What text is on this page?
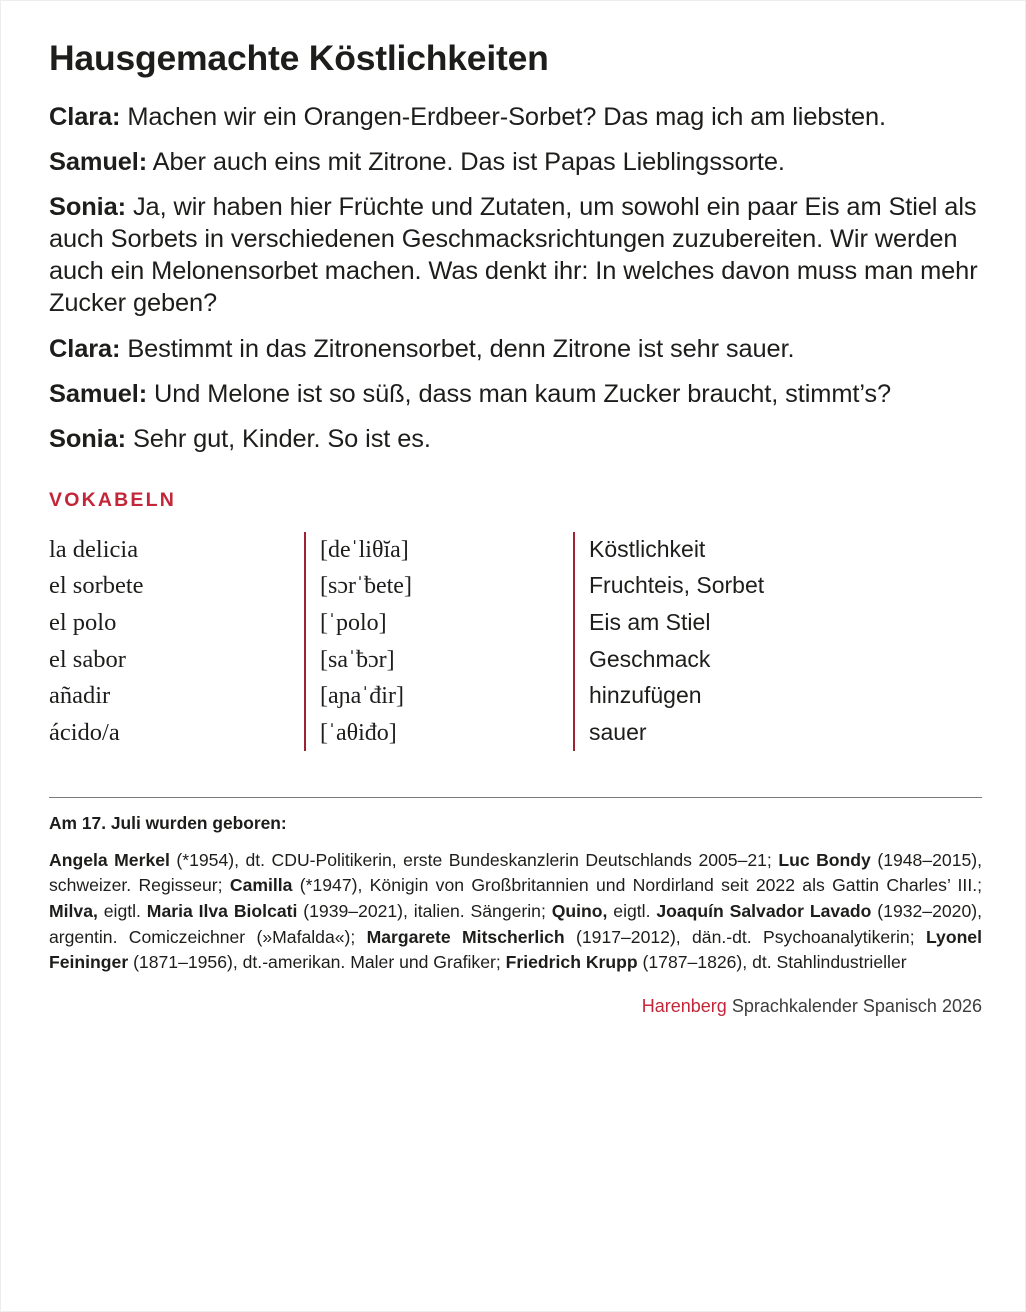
Hausgemachte Köstlichkeiten

Clara: Machen wir ein Orangen-Erdbeer-Sorbet? Das mag ich am liebsten.

Samuel: Aber auch eins mit Zitrone. Das ist Papas Lieblingssorte.

Sonia: Ja, wir haben hier Früchte und Zutaten, um sowohl ein paar Eis am Stiel als auch Sorbets in verschiedenen Geschmacksrichtungen zuzubereiten. Wir werden auch ein Melonensorbet machen. Was denkt ihr: In welches davon muss man mehr Zucker geben?

Clara: Bestimmt in das Zitronensorbet, denn Zitrone ist sehr sauer.

Samuel: Und Melone ist so süß, dass man kaum Zucker braucht, stimmt’s?

Sonia: Sehr gut, Kinder. So ist es.

VOKABELN
la delicia	[deˈliθĭa]	Köstlichkeit
el sorbete	[sɔrˈƀete]	Fruchteis, Sorbet
el polo	[ˈpolo]	Eis am Stiel
el sabor	[saˈƀɔr]	Geschmack
añadir	[aɲaˈđir]	hinzufügen
ácido/a	[ˈaθiđo]	sauer
Am 17. Juli wurden geboren:

Angela Merkel (*1954), dt. CDU-Politikerin, erste Bundeskanzlerin Deutschlands 2005–21; Luc Bondy (1948–2015), schweizer. Regisseur; Camilla (*1947), Königin von Großbritannien und Nordirland seit 2022 als Gattin Charles’ III.; Milva, eigtl. Maria Ilva Biolcati (1939–2021), italien. Sängerin; Quino, eigtl. Joaquín Salvador Lavado (1932–2020), argentin. Comiczeichner (»Mafalda«); Margarete Mitscherlich (1917–2012), dän.-dt. Psychoanalytikerin; Lyonel Feininger (1871–1956), dt.-amerikan. Maler und Grafiker; Friedrich Krupp (1787–1826), dt. Stahlindustrieller

Harenberg Sprachkalender Spanisch 2026
